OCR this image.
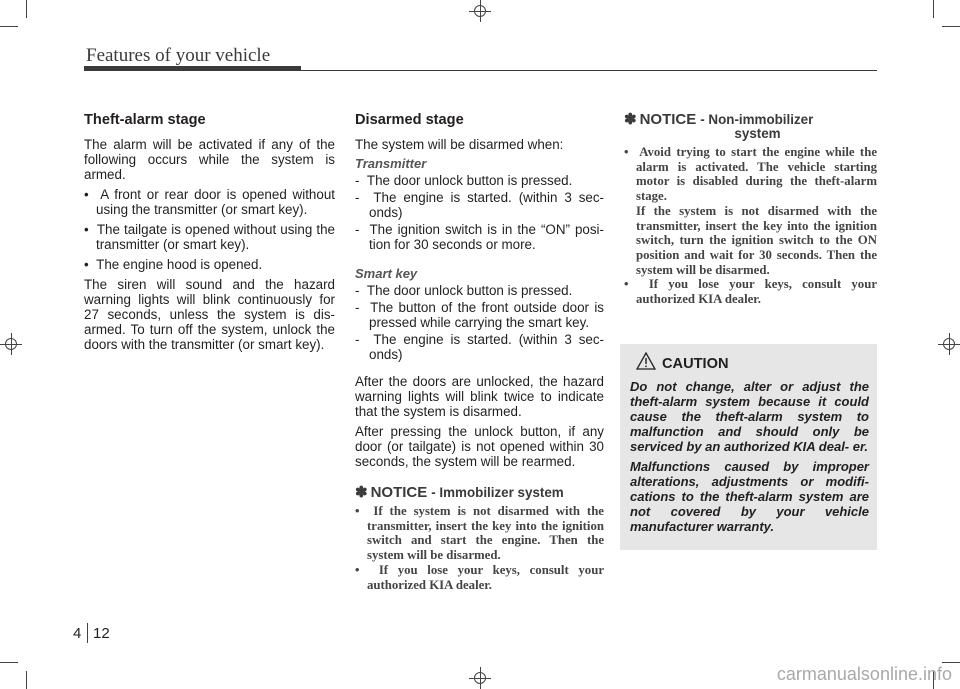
Features of your vehicle
Theft-alarm stage

The alarm will be activated if any of the following occurs while the system is armed.

•  A front or rear door is opened without using the transmitter (or smart key).
•  The tailgate is opened without using the transmitter (or smart key).
•  The engine hood is opened.

The siren will sound and the hazard warning lights will blink continuously for 27 seconds, unless the system is dis- armed. To turn off the system, unlock the doors with the transmitter (or smart key).

Disarmed stage

The system will be disarmed when:

Transmitter
-  The door unlock button is pressed.
-  The engine is started. (within 3 sec- onds)
-  The ignition switch is in the “ON” posi- tion for 30 seconds or more.
Smart key
-  The door unlock button is pressed.
-  The button of the front outside door is pressed while carrying the smart key.
-  The engine is started. (within 3 sec- onds)

After the doors are unlocked, the hazard warning lights will blink twice to indicate that the system is disarmed.

After pressing the unlock button, if any door (or tailgate) is not opened within 30 seconds, the system will be rearmed.

✽ NOTICE - Immobilizer system
•  If the system is not disarmed with the transmitter, insert the key into the ignition switch and start the engine. Then the system will be disarmed.
•  If you lose your keys, consult your authorized KIA dealer.
✽ NOTICE - Non-immobilizer
system
•  Avoid trying to start the engine while the alarm is activated. The vehicle starting motor is disabled during the theft-alarm stage.
If the system is not disarmed with the transmitter, insert the key into the ignition switch, turn the ignition switch to the ON position and wait for 30 seconds. Then the system will be disarmed.
•  If you lose your keys, consult your authorized KIA dealer.
CAUTION

Do not change, alter or adjust the theft-alarm system because it could cause the theft-alarm system to malfunction and should only be serviced by an authorized KIA deal- er.

Malfunctions caused by improper alterations, adjustments or modifi- cations to the theft-alarm system are not covered by your vehicle manufacturer warranty.

4 12
carmanualsonline.info
